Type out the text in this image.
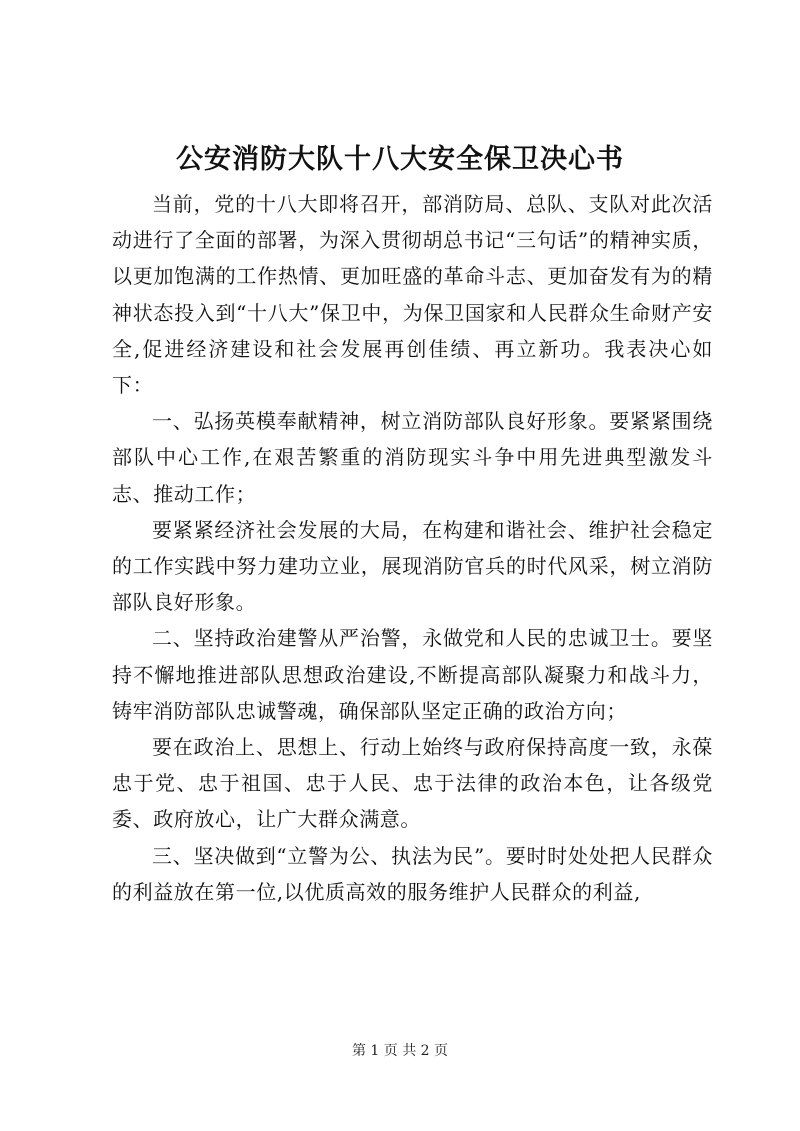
公安消防大队十八大安全保卫决心书

当前，党的十八大即将召开，部消防局、总队、支队对此次活动进行了全面的部署，为深入贯彻胡总书记“三句话”的精神实质，以更加饱满的工作热情、更加旺盛的革命斗志、更加奋发有为的精神状态投入到“十八大”保卫中，为保卫国家和人民群众生命财产安全,促进经济建设和社会发展再创佳绩、再立新功。我表决心如下：

一、弘扬英模奉献精神，树立消防部队良好形象。要紧紧围绕部队中心工作,在艰苦繁重的消防现实斗争中用先进典型激发斗志、推动工作；

要紧紧经济社会发展的大局，在构建和谐社会、维护社会稳定的工作实践中努力建功立业，展现消防官兵的时代风采，树立消防部队良好形象。

二、坚持政治建警从严治警，永做党和人民的忠诚卫士。要坚持不懈地推进部队思想政治建设,不断提高部队凝聚力和战斗力，铸牢消防部队忠诚警魂，确保部队坚定正确的政治方向；

要在政治上、思想上、行动上始终与政府保持高度一致，永葆忠于党、忠于祖国、忠于人民、忠于法律的政治本色，让各级党委、政府放心，让广大群众满意。

三、坚决做到“立警为公、执法为民”。要时时处处把人民群众的利益放在第一位,以优质高效的服务维护人民群众的利益,

第 1 页 共 2 页
